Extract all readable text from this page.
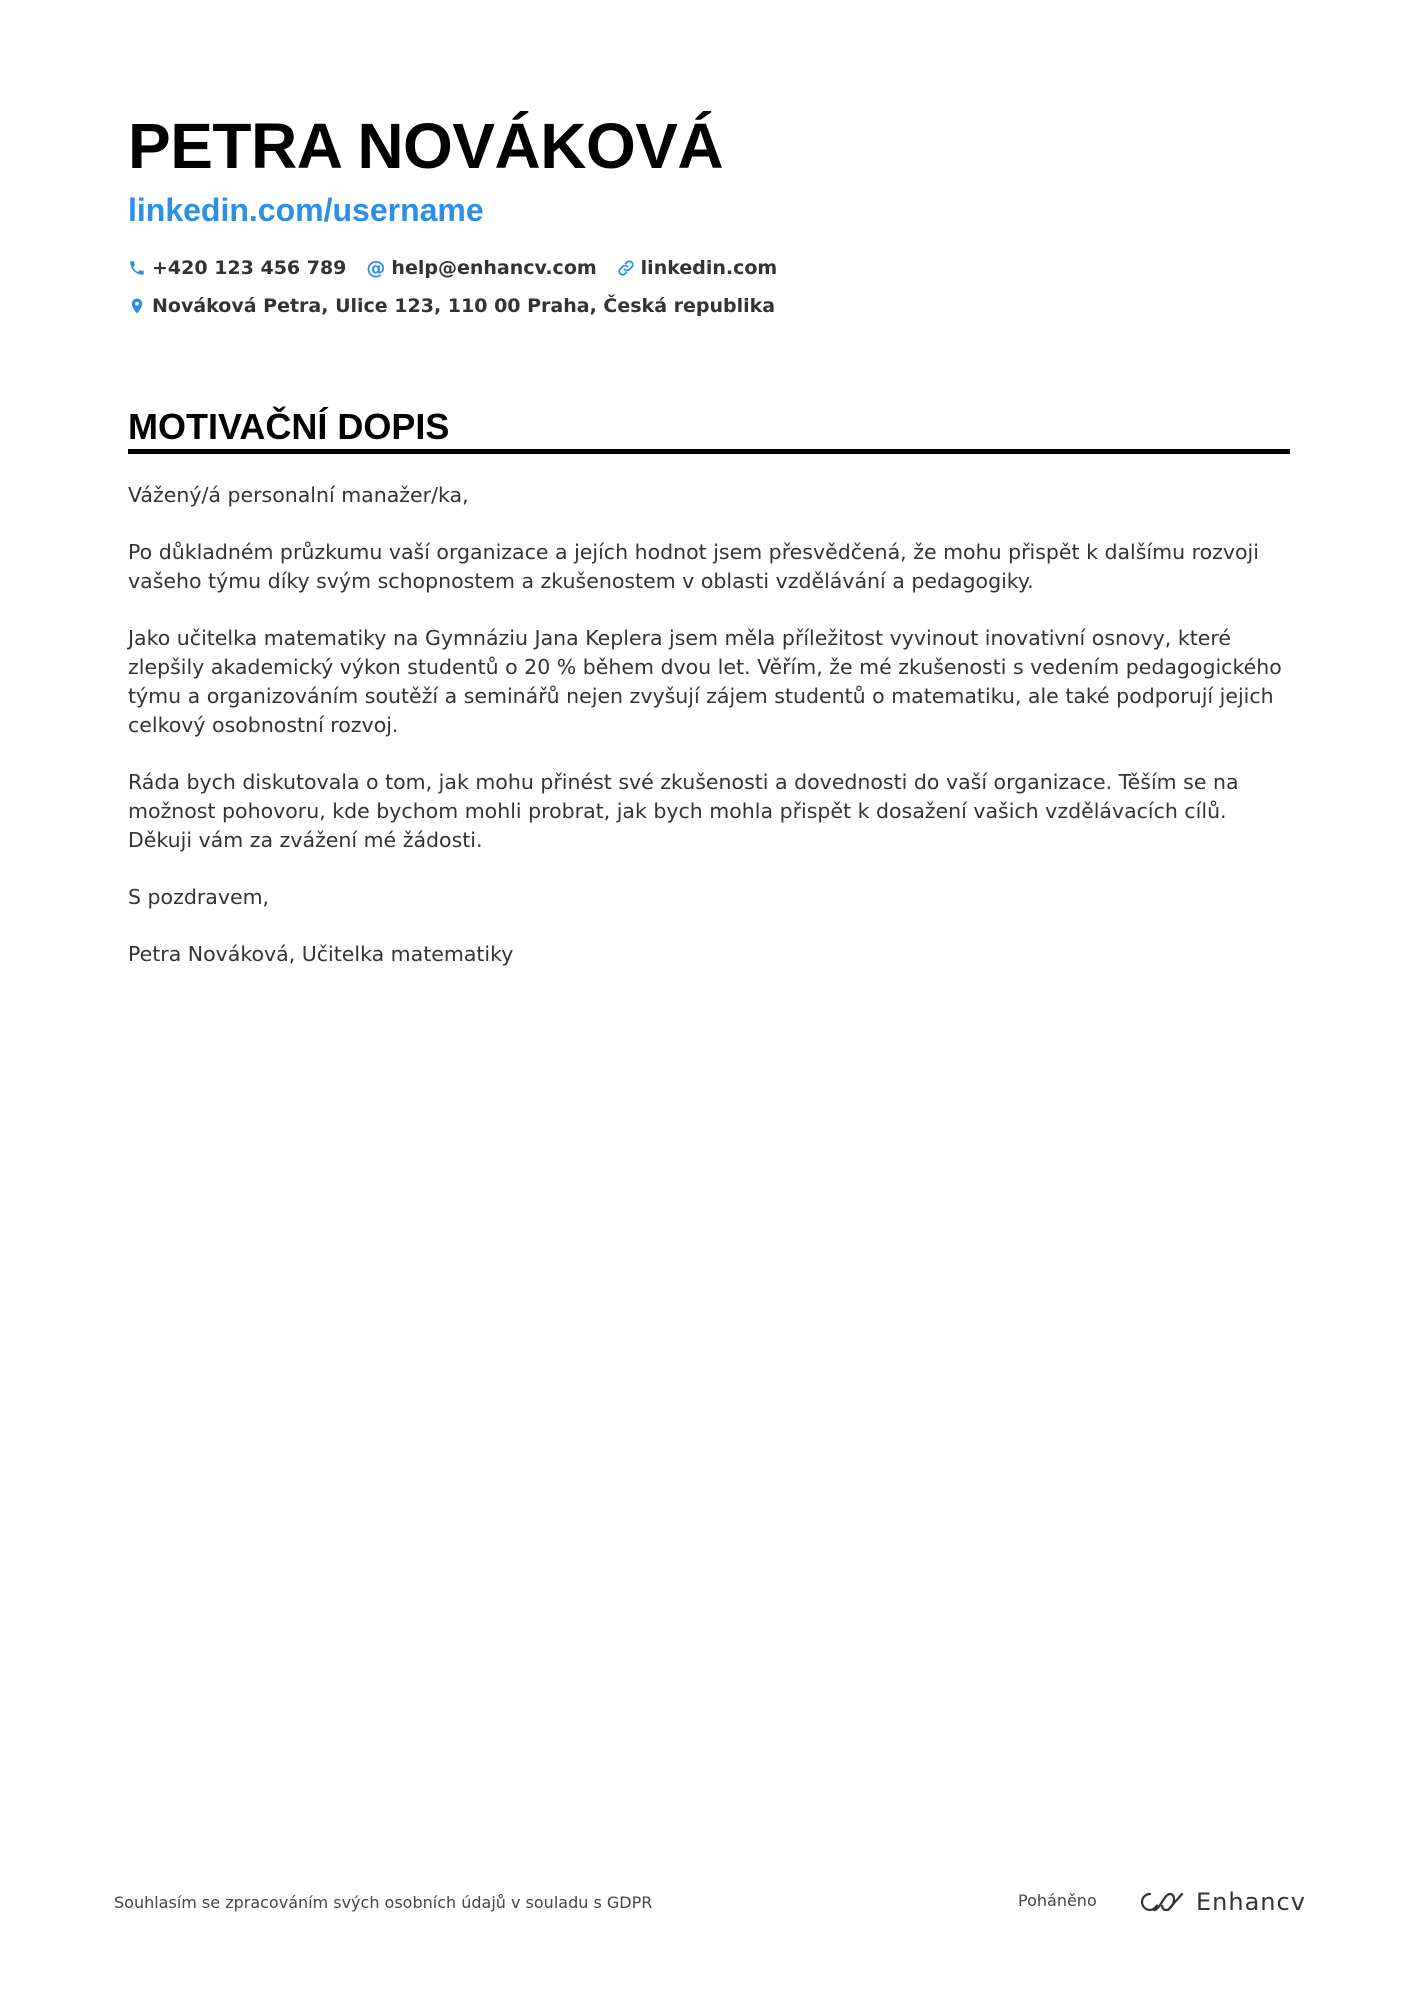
PETRA NOVÁKOVÁ
linkedin.com/username
+420 123 456 789 @ help@enhancv.com linkedin.com
Nováková Petra, Ulice 123, 110 00 Praha, Česká republika
MOTIVAČNÍ DOPIS

Vážený/á personalní manažer/ka,

Po důkladném průzkumu vaší organizace a jejích hodnot jsem přesvědčená, že mohu přispět k dalšímu rozvoji vašeho týmu díky svým schopnostem a zkušenostem v oblasti vzdělávání a pedagogiky.

Jako učitelka matematiky na Gymnáziu Jana Keplera jsem měla příležitost vyvinout inovativní osnovy, které zlepšily akademický výkon studentů o 20 % během dvou let. Věřím, že mé zkušenosti s vedením pedagogického týmu a organizováním soutěží a seminářů nejen zvyšují zájem studentů o matematiku, ale také podporují jejich celkový osobnostní rozvoj.

Ráda bych diskutovala o tom, jak mohu přinést své zkušenosti a dovednosti do vaší organizace. Těším se na možnost pohovoru, kde bychom mohli probrat, jak bych mohla přispět k dosažení vašich vzdělávacích cílů. Děkuji vám za zvážení mé žádosti.

S pozdravem,

Petra Nováková, Učitelka matematiky

Souhlasím se zpracováním svých osobních údajů v souladu s GDPR	Poháněno	Enhancv
